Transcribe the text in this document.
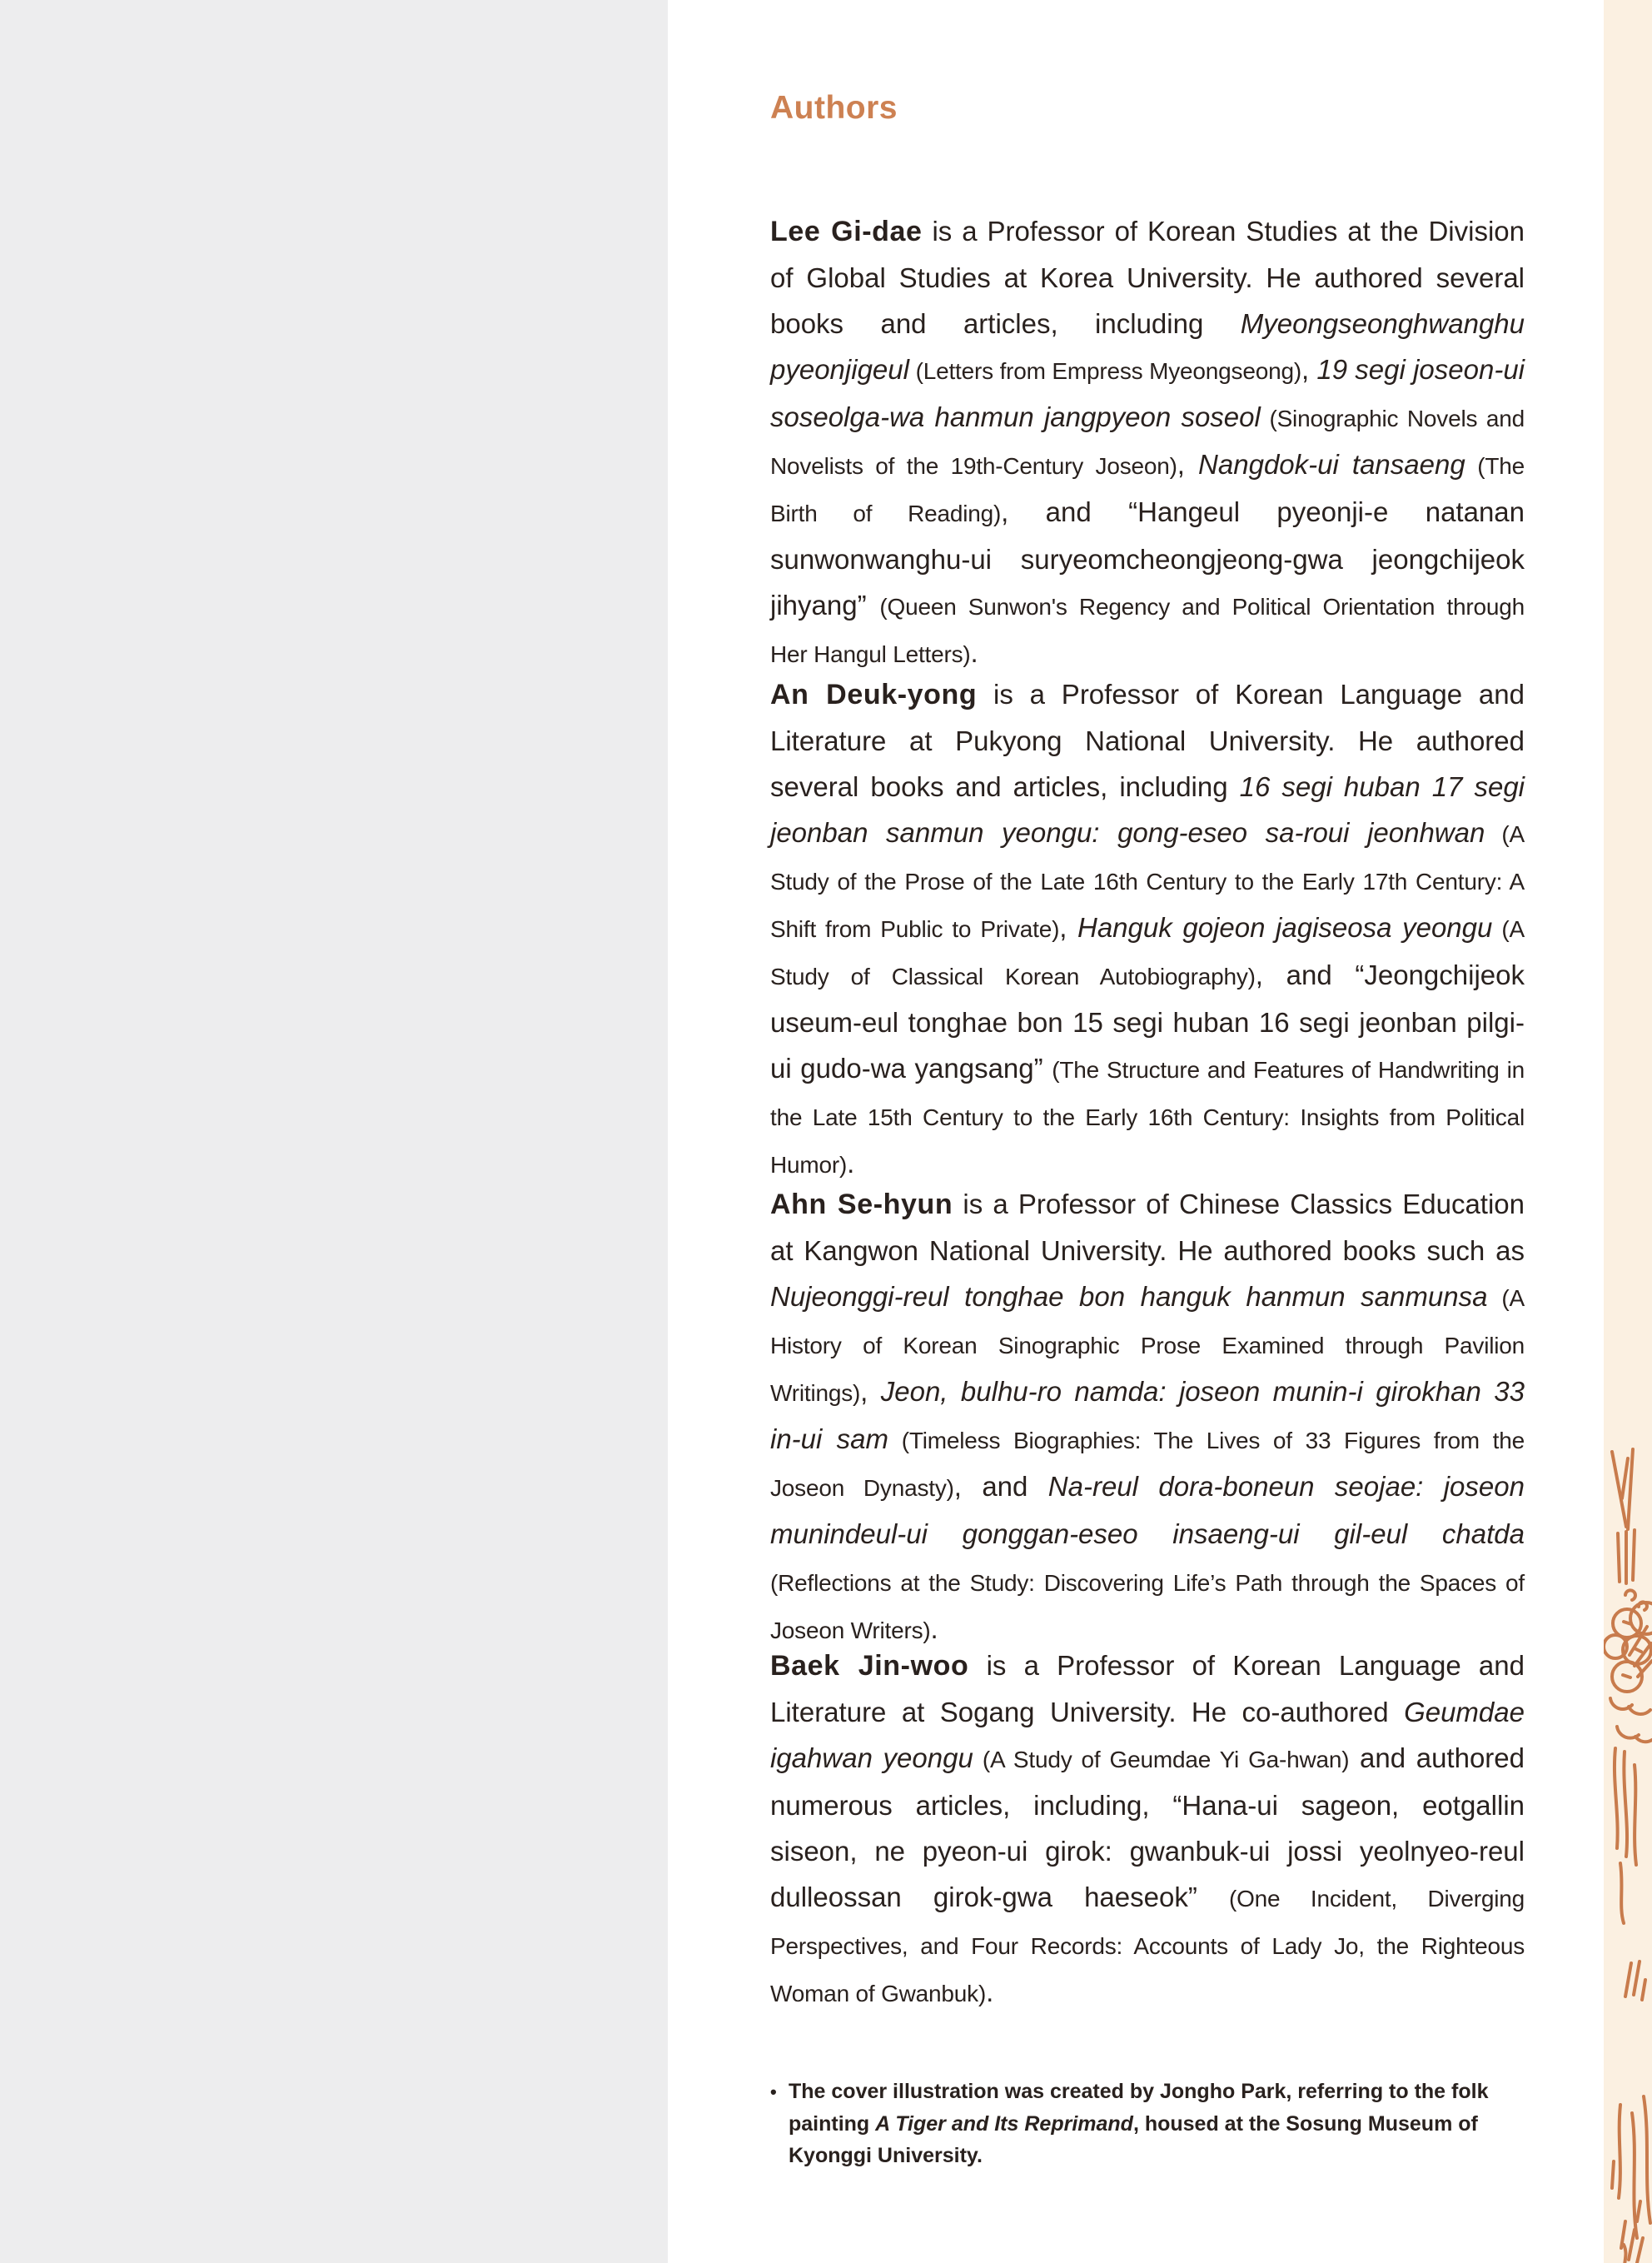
Authors

Lee Gi-dae is a Professor of Korean Studies at the Division of Global Studies at Korea University. He authored several books and articles, including Myeongseonghwanghu pyeonjigeul (Letters from Empress Myeongseong), 19 segi joseon-ui soseolga-wa hanmun jangpyeon soseol (Sinographic Novels and Novelists of the 19th-Century Joseon), Nangdok-ui tansaeng (The Birth of Reading), and “Hangeul pyeonji-e natanan sunwonwanghu-ui suryeomcheongjeong-gwa jeongchijeok jihyang” (Queen Sunwon's Regency and Political Orientation through Her Hangul Letters).

An Deuk-yong is a Professor of Korean Language and Literature at Pukyong National University. He authored several books and articles, including 16 segi huban 17 segi jeonban sanmun yeongu: gong-eseo sa-roui jeonhwan (A Study of the Prose of the Late 16th Century to the Early 17th Century: A Shift from Public to Private), Hanguk gojeon jagiseosa yeongu (A Study of Classical Korean Autobiography), and “Jeongchijeok useum-eul tonghae bon 15 segi huban 16 segi jeonban pilgi-ui gudo-wa yangsang” (The Structure and Features of Handwriting in the Late 15th Century to the Early 16th Century: Insights from Political Humor).

Ahn Se-hyun is a Professor of Chinese Classics Education at Kangwon National University. He authored books such as Nujeonggi-reul tonghae bon hanguk hanmun sanmunsa (A History of Korean Sinographic Prose Examined through Pavilion Writings), Jeon, bulhu-ro namda: joseon munin-i girokhan 33 in-ui sam (Timeless Biographies: The Lives of 33 Figures from the Joseon Dynasty), and Na-reul dora-boneun seojae: joseon munindeul-ui gonggan-eseo insaeng-ui gil-eul chatda (Reflections at the Study: Discovering Life’s Path through the Spaces of Joseon Writers).

Baek Jin-woo is a Professor of Korean Language and Literature at Sogang University. He co-authored Geumdae igahwan yeongu (A Study of Geumdae Yi Ga-hwan) and authored numerous articles, including, “Hana-ui sageon, eotgallin siseon, ne pyeon-ui girok: gwanbuk-ui jossi yeolnyeo-reul dulleossan girok-gwa haeseok” (One Incident, Diverging Perspectives, and Four Records: Accounts of Lady Jo, the Righteous Woman of Gwanbuk).

• The cover illustration was created by Jongho Park, referring to the folk painting A Tiger and Its Reprimand, housed at the Sosung Museum of Kyonggi University.
